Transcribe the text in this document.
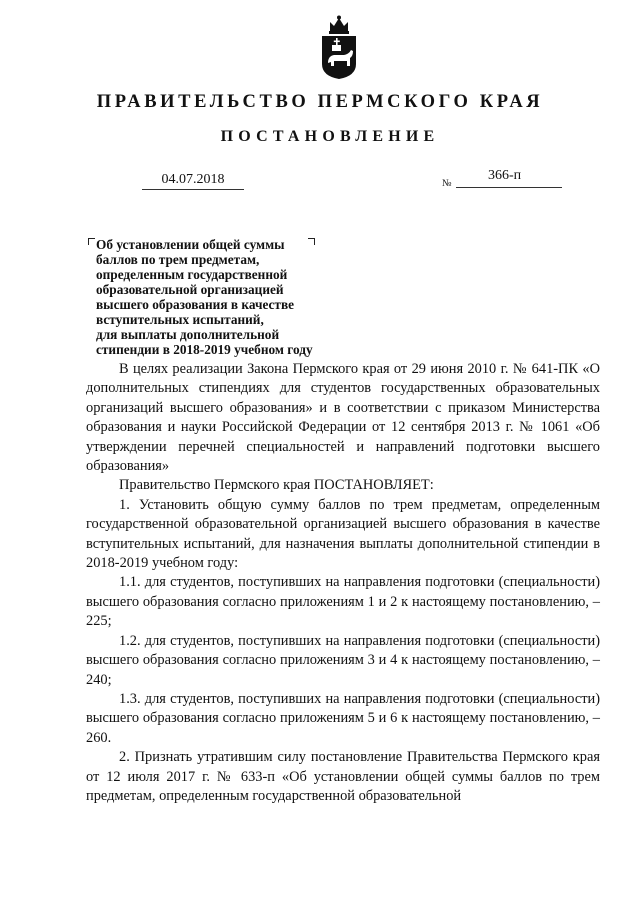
ПРАВИТЕЛЬСТВО ПЕРМСКОГО КРАЯ
ПОСТАНОВЛЕНИЕ
04.07.2018	№
366-п
Об установлении общей суммы
баллов по трем предметам,
определенным государственной
образовательной организацией
высшего образования в качестве
вступительных испытаний,
для выплаты дополнительной
стипендии в 2018-2019 учебном году

В целях реализации Закона Пермского края от 29 июня 2010 г. № 641-ПК «О дополнительных стипендиях для студентов государственных образовательных организаций высшего образования» и в соответствии с приказом Министерства образования и науки Российской Федерации от 12 сентября 2013 г. № 1061 «Об утверждении перечней специальностей и направлений подготовки высшего образования»

Правительство Пермского края ПОСТАНОВЛЯЕТ:

1. Установить общую сумму баллов по трем предметам, определенным государственной образовательной организацией высшего образования в качестве вступительных испытаний, для назначения выплаты дополнительной стипендии в 2018-2019 учебном году:

1.1. для студентов, поступивших на направления подготовки (специальности) высшего образования согласно приложениям 1 и 2 к настоящему постановлению, – 225;

1.2. для студентов, поступивших на направления подготовки (специальности) высшего образования согласно приложениям 3 и 4 к настоящему постановлению, – 240;

1.3. для студентов, поступивших на направления подготовки (специальности) высшего образования согласно приложениям 5 и 6 к настоящему постановлению, – 260.

2. Признать утратившим силу постановление Правительства Пермского края от 12 июля 2017 г. № 633-п «Об установлении общей суммы баллов по трем предметам, определенным государственной образовательной
